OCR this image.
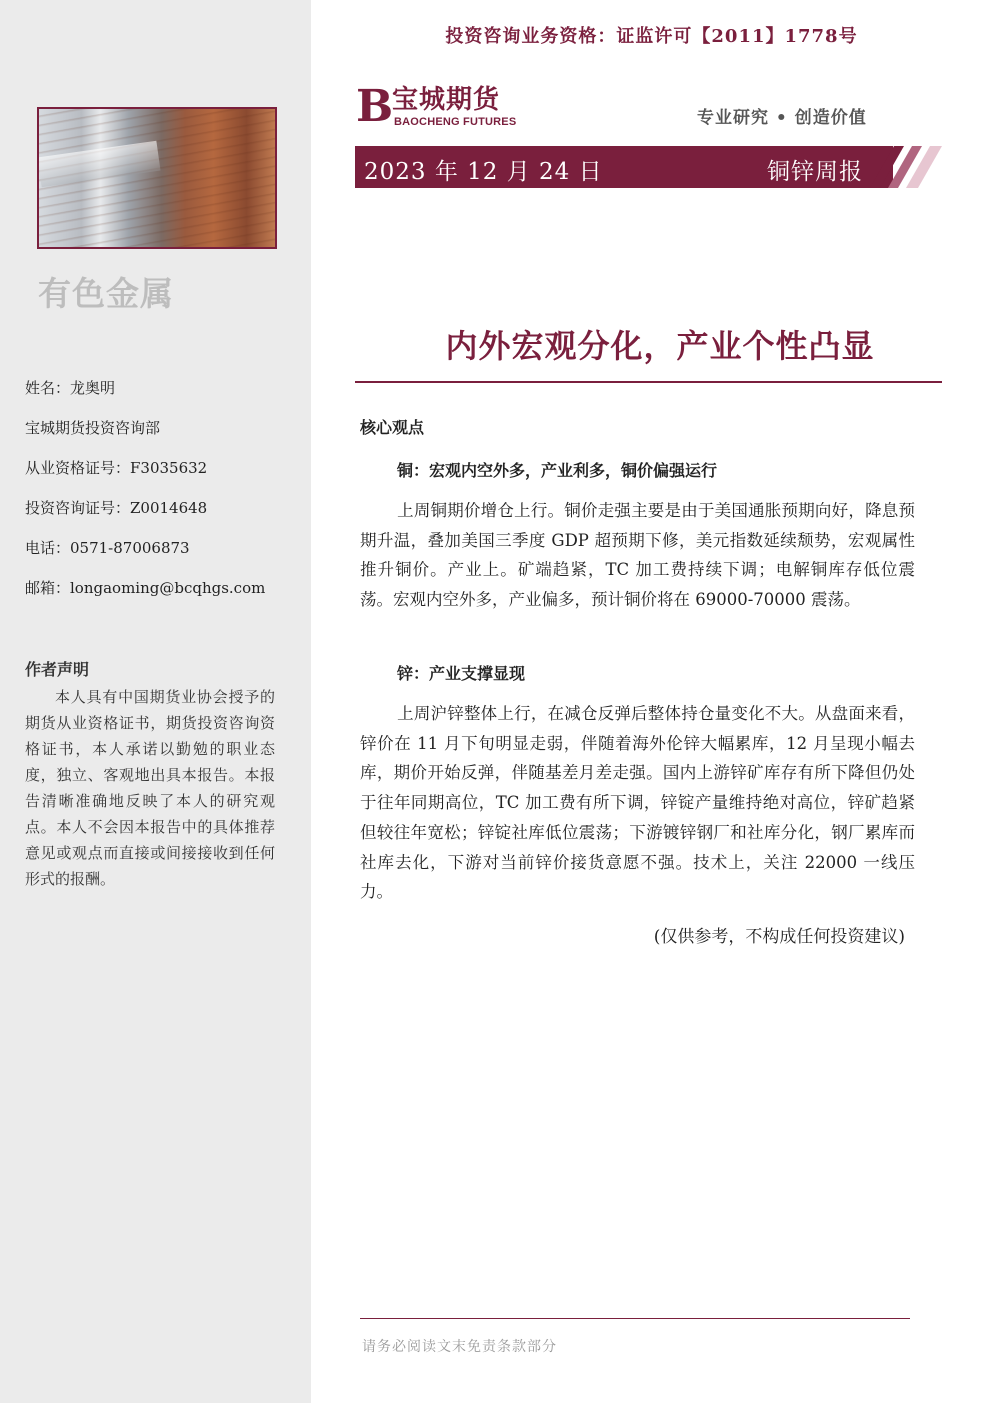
有色金属
姓名：龙奥明
宝城期货投资咨询部
从业资格证号：F3035632
投资咨询证号：Z0014648
电话：0571-87006873
邮箱：longaoming@bcqhgs.com
作者声明
本人具有中国期货业协会授予的期货从业资格证书，期货投资咨询资格证书，本人承诺以勤勉的职业态度，独立、客观地出具本报告。本报告清晰准确地反映了本人的研究观点。本人不会因本报告中的具体推荐意见或观点而直接或间接接收到任何形式的报酬。
投资咨询业务资格：证监许可【2011】1778号
B
宝城期货
BAOCHENG FUTURES	专业研究 • 创造价值
2023 年 12 月 24 日	铜锌周报
内外宏观分化，产业个性凸显
核心观点
铜：宏观内空外多，产业利多，铜价偏强运行
上周铜期价增仓上行。铜价走强主要是由于美国通胀预期向好，降息预期升温，叠加美国三季度 GDP 超预期下修，美元指数延续颓势，宏观属性推升铜价。产业上。矿端趋紧，TC 加工费持续下调；电解铜库存低位震荡。宏观内空外多，产业偏多，预计铜价将在 69000-70000 震荡。
锌：产业支撑显现
上周沪锌整体上行，在减仓反弹后整体持仓量变化不大。从盘面来看，锌价在 11 月下旬明显走弱，伴随着海外伦锌大幅累库，12 月呈现小幅去库，期价开始反弹，伴随基差月差走强。国内上游锌矿库存有所下降但仍处于往年同期高位，TC 加工费有所下调，锌锭产量维持绝对高位，锌矿趋紧但较往年宽松；锌锭社库低位震荡；下游镀锌钢厂和社库分化，钢厂累库而社库去化，下游对当前锌价接货意愿不强。技术上，关注 22000 一线压力。
(仅供参考，不构成任何投资建议)
请务必阅读文末免责条款部分
